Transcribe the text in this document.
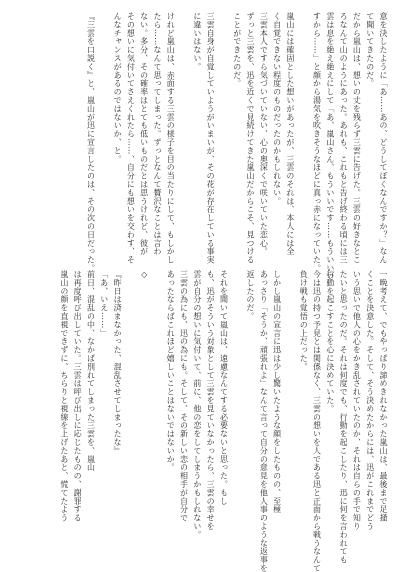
意を決したように「あ……あの、どうしてぼくなんですか？」なん
て聞いてきたのだ。
だから嵐山は、想いの丈を残らず三雲に告げた。三雲の好きなとこ
ろなんて山のようにあった。あれも、これもと告げ終わる頃には三
雲は息を絶え絶えにして「あ、嵐山さん、もういいです……もういいで
すから……」と顔から湯気を吹きそうなほどに真っ赤になっていた。

嵐山には確固とした想いがあったが、三雲のそれは、本人には全
く自覚できない程度のものだったのかもしれない。
三雲本人ですら気づいていない、心の奥深くで咲いていた恋心。
ずっと三雲を、迅を近くで見続けてきた嵐山だからこそ、見つける
ことができたのだ。

三雲自身が自覚していようがいまいが、その花が存在している事実
に違いはない。

けれど嵐山は、赤面する三雲の様子を目の当たりにして、もしかし
たら……なんて思ってしまった。ずっとなんて贅沢なことは言わ
ない。多分、その確率はとても低いものだとは思うけれど、彼が
その想いに気付いてさえくれたら……、自分にも想いを交わす、そ
んなチャンスがあるのではないか、と。

『三雲を口説く』と、嵐山が迅に宣言したのは、その次の日だった。
一晩考えて、でもやっぱり諦めきれなかった嵐山は、最後まで足掻
くことを決意した。そして、そう決めたからには、迅がこれまでどう
いう思いで他人の心をかき乱されていたのか、それは自らの手で知り
たいと思ったのだ。それは何度でも、行動を起こしたり、迅に何を言われても
行動を起こすことを心に決めていた。
今は迅の持つ予見とは関係なく、三雲の想いを人である迅と正面から戦うなんて
負け戦も覚悟の上だった。

しかし嵐山の宣言に迅は少し驚いたような顔をしたものの、至極
あっさり「そうか、頑張れよ」なんて言って自分の意見を他人事のような返事を
返したのだ。

それを聞いて嵐山は、遠慮なんてする必要ないと思った。もし
も、迅がそういう対象として三雲を見ていなかったら、三雲の幸せを
雲が自分の想いに気付いて、前に、他の恋をしてしまうかもしれない。
三雲の為にも、迅の為にも。そして、その新しい恋の相手が自分で
あったならばこれほど嬉しいことはないではないか。

◇

『昨日は済まなかった、混乱させてしまったな』
「あ、いえ……」
前日、混乱の中、なかば別れてしまった三雲を、嵐山
は再度呼び出していた。三雲は呼び出しに応じたものの、謝罪する
嵐山の顔を直視できずに、ちらりと視線を上げたあと、慌てたよう
